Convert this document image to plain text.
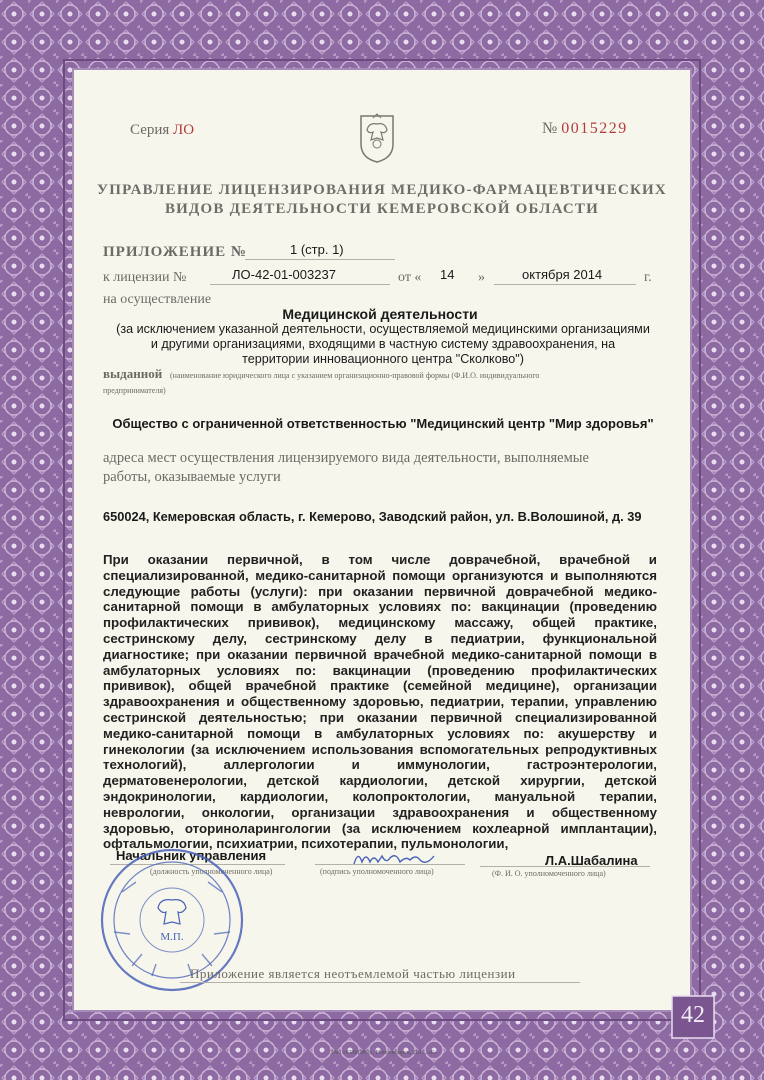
Серия ЛО	№ 0015229
УПРАВЛЕНИЕ ЛИЦЕНЗИРОВАНИЯ МЕДИКО-ФАРМАЦЕВТИЧЕСКИХ
ВИДОВ ДЕЯТЕЛЬНОСТИ КЕМЕРОВСКОЙ ОБЛАСТИ
ПРИЛОЖЕНИЕ №	1 (стр. 1)
к лицензии №	ЛО-42-01-003237	от « 14 »	октября 2014	г.
на осуществление
Медицинской деятельности
(за исключением указанной деятельности, осуществляемой медицинскими организациями
и другими организациями, входящими в частную систему здравоохранения, на
территории инновационного центра "Сколково")
выданной (наименование юридического лица с указанием организационно-правовой формы (Ф.И.О. индивидуального
предпринимателя)
Общество с ограниченной ответственностью "Медицинский центр "Мир здоровья"
адреса мест осуществления лицензируемого вида деятельности, выполняемые
работы, оказываемые услуги
650024, Кемеровская область, г. Кемерово, Заводский район, ул. В.Волошиной, д. 39
При оказании первичной, в том числе доврачебной, врачебной и специализированной, медико-санитарной помощи организуются и выполняются следующие работы (услуги): при оказании первичной доврачебной медико-санитарной помощи в амбулаторных условиях по: вакцинации (проведению профилактических прививок), медицинскому массажу, общей практике, сестринскому делу, сестринскому делу в педиатрии, функциональной диагностике; при оказании первичной врачебной медико-санитарной помощи в амбулаторных условиях по: вакцинации (проведению профилактических прививок), общей врачебной практике (семейной медицине), организации здравоохранения и общественному здоровью, педиатрии, терапии, управлению сестринской деятельностью; при оказании первичной специализированной медико-санитарной помощи в амбулаторных условиях по: акушерству и гинекологии (за исключением использования вспомогательных репродуктивных технологий), аллергологии и иммунологии, гастроэнтерологии, дерматовенерологии, детской кардиологии, детской хирургии, детской эндокринологии, кардиологии, колопроктологии, мануальной терапии, неврологии, онкологии, организации здравоохранения и общественному здоровью, оториноларингологии (за исключением кохлеарной имплантации), офтальмологии, психиатрии, психотерапии, пульмонологии,
Начальник управления
(должность уполномоченного лица)	(подпись уполномоченного лица)
Л.А.Шабалина
(Ф. И. О. уполномоченного лица)
М.П.
Приложение является неотъемлемой частью лицензии
42
ЗАО «СИБПРО», Новосибирск, 2013, «Б»
